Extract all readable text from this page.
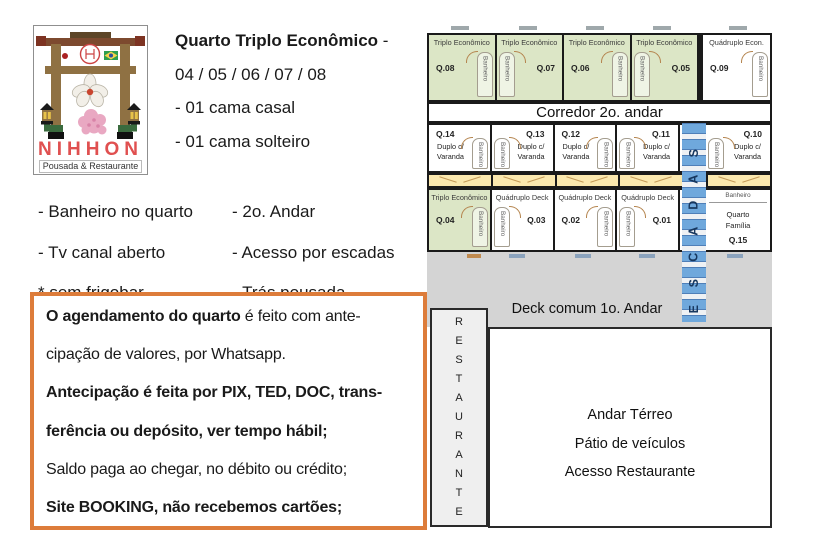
NIHHON
Pousada & Restaurante
Quarto Triplo Econômico -
04 / 05 / 06 / 07 / 08
- 01 cama casal
- 01 cama solteiro
- Banheiro no quarto
- Tv canal aberto
- 2o. Andar
- Acesso por escadas
O agendamento do quarto é feito com ante-
cipação de valores, por Whatsapp.
Antecipação é feita por PIX, TED, DOC, trans-
ferência ou depósito, ver tempo hábil;
Saldo paga ao chegar, no débito ou crédito;
Site BOOKING, não recebemos cartões;
Triplo Econômico
Q.08	Banheiro
Triplo Econômico
Q.07
Banheiro
Triplo Econômico
Q.06	Banheiro
Triplo Econômico
Q.05
Banheiro
Quádruplo Econ.
Q.09	Banheiro
Corredor 2o. andar
Q.14
Duplo c/
Varanda	Banheiro
Q.13
Duplo c/
Varanda
Banheiro
Q.12
Duplo c/
Varanda	Banheiro
Q.11
Duplo c/
Varanda
Banheiro
Q.10
Duplo c/
Varanda
Banheiro
Triplo Econômico
Q.04	Banheiro
Quádruplo Deck
Q.03
Banheiro
Quádruplo Deck
Q.02	Banheiro
Quádruplo Deck
Q.01
Banheiro
Banheiro
Quarto
Família
Q.15
Deck comum 1o. Andar
S
A
D
A
C
S
E
R
E
S
T
A
U
R
A
N
T
E
Andar Térreo
Pátio de veículos
Acesso Restaurante
